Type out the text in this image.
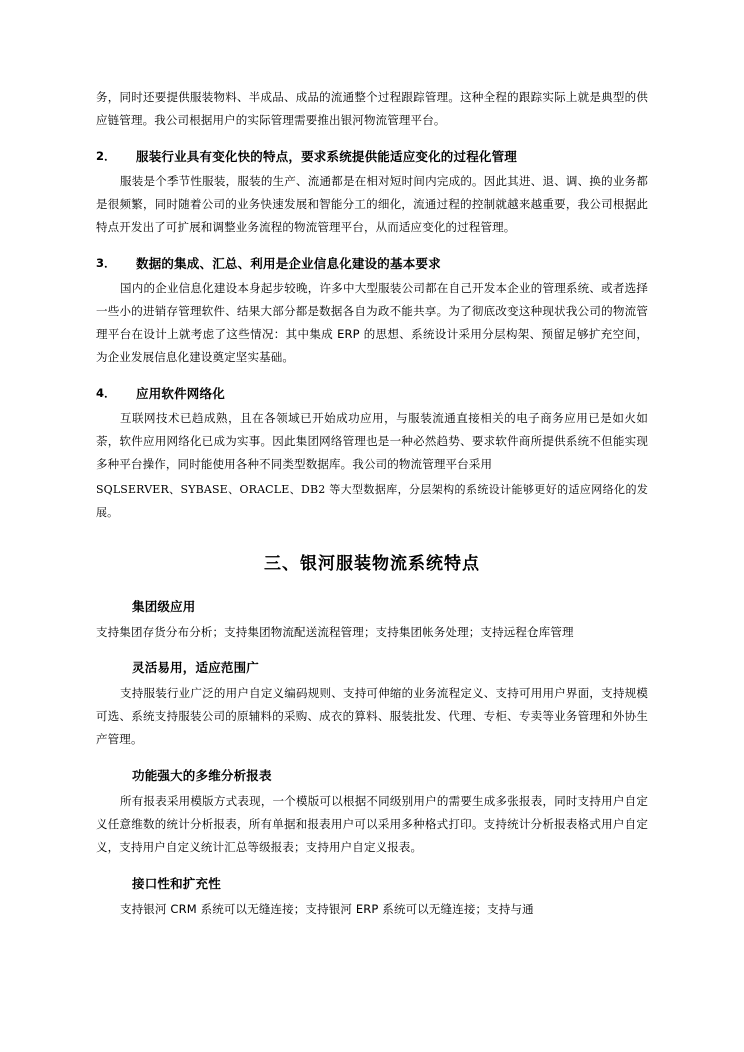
务，同时还要提供服装物料、半成品、成品的流通整个过程跟踪管理。这种全程的跟踪实际上就是典型的供应链管理。我公司根据用户的实际管理需要推出银河物流管理平台。

2．	服装行业具有变化快的特点，要求系统提供能适应变化的过程化管理

服装是个季节性服装，服装的生产、流通都是在相对短时间内完成的。因此其进、退、调、换的业务都是很频繁，同时随着公司的业务快速发展和智能分工的细化，流通过程的控制就越来越重要，我公司根据此特点开发出了可扩展和调整业务流程的物流管理平台，从而适应变化的过程管理。

3．	数据的集成、汇总、利用是企业信息化建设的基本要求

国内的企业信息化建设本身起步较晚，许多中大型服装公司都在自己开发本企业的管理系统、或者选择一些小的进销存管理软件、结果大部分都是数据各自为政不能共享。为了彻底改变这种现状我公司的物流管理平台在设计上就考虑了这些情况：其中集成 ERP 的思想、系统设计采用分层构架、预留足够扩充空间，为企业发展信息化建设奠定坚实基础。

4．	应用软件网络化

互联网技术已趋成熟，且在各领域已开始成功应用，与服装流通直接相关的电子商务应用已是如火如荼，软件应用网络化已成为实事。因此集团网络管理也是一种必然趋势、要求软件商所提供系统不但能实现多种平台操作，同时能使用各种不同类型数据库。我公司的物流管理平台采用

SQLSERVER、SYBASE、ORACLE、DB2 等大型数据库，分层架构的系统设计能够更好的适应网络化的发展。

三、银河服装物流系统特点
集团级应用

支持集团存货分布分析；支持集团物流配送流程管理；支持集团帐务处理；支持远程仓库管理

灵活易用，适应范围广

支持服装行业广泛的用户自定义编码规则、支持可伸缩的业务流程定义、支持可用用户界面，支持规模可选、系统支持服装公司的原辅料的采购、成衣的算料、服装批发、代理、专柜、专卖等业务管理和外协生产管理。

功能强大的多维分析报表

所有报表采用模版方式表现，一个模版可以根据不同级别用户的需要生成多张报表，同时支持用户自定义任意维数的统计分析报表，所有单据和报表用户可以采用多种格式打印。支持统计分析报表格式用户自定义，支持用户自定义统计汇总等级报表；支持用户自定义报表。

接口性和扩充性

支持银河 CRM 系统可以无缝连接；支持银河 ERP 系统可以无缝连接；支持与通
